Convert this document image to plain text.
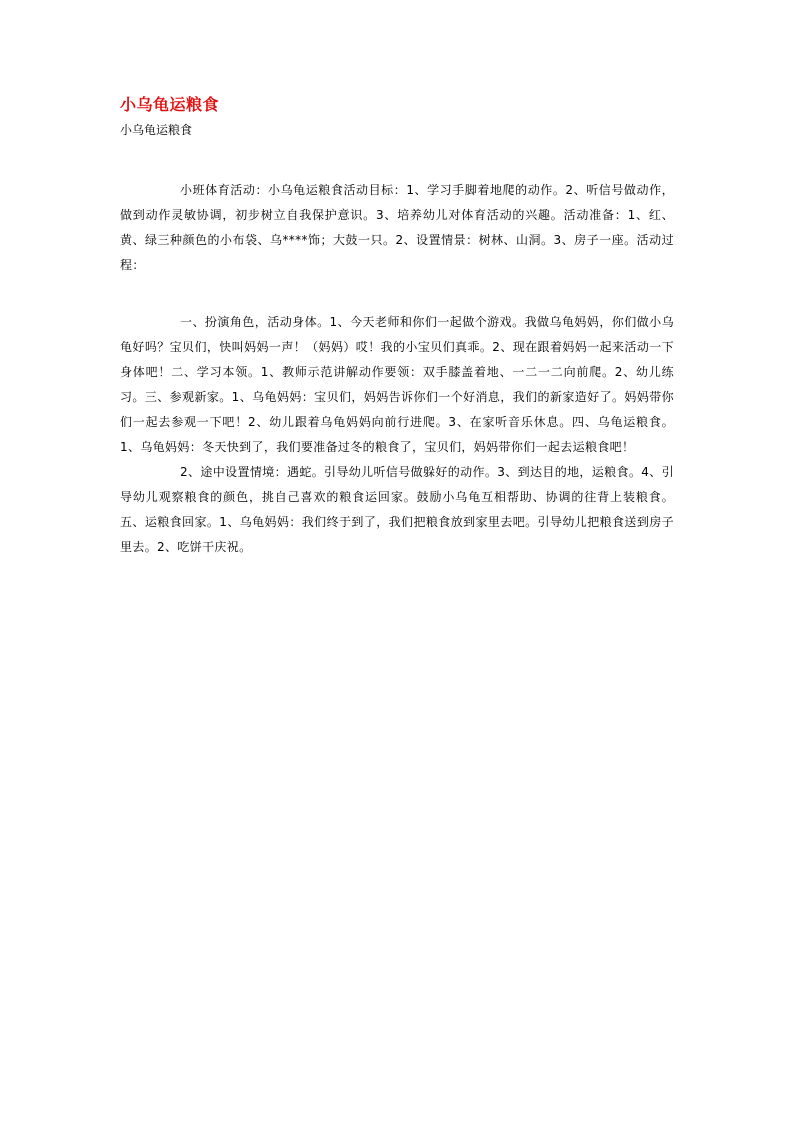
小乌龟运粮食
小乌龟运粮食

小班体育活动：小乌龟运粮食活动目标：1、学习手脚着地爬的动作。2、听信号做动作，做到动作灵敏协调，初步树立自我保护意识。3、培养幼儿对体育活动的兴趣。活动准备：1、红、黄、绿三种颜色的小布袋、乌****饰；大鼓一只。2、设置情景：树林、山洞。3、房子一座。活动过程：

一、扮演角色，活动身体。1、今天老师和你们一起做个游戏。我做乌龟妈妈，你们做小乌龟好吗？宝贝们，快叫妈妈一声！（妈妈）哎！我的小宝贝们真乖。2、现在跟着妈妈一起来活动一下身体吧！二、学习本领。1、教师示范讲解动作要领：双手膝盖着地、一二一二向前爬。2、幼儿练习。三、参观新家。1、乌龟妈妈：宝贝们，妈妈告诉你们一个好消息，我们的新家造好了。妈妈带你们一起去参观一下吧！2、幼儿跟着乌龟妈妈向前行进爬。3、在家听音乐休息。四、乌龟运粮食。1、乌龟妈妈：冬天快到了，我们要准备过冬的粮食了，宝贝们，妈妈带你们一起去运粮食吧！

2、途中设置情境：遇蛇。引导幼儿听信号做躲好的动作。3、到达目的地，运粮食。4、引导幼儿观察粮食的颜色，挑自己喜欢的粮食运回家。鼓励小乌龟互相帮助、协调的往背上装粮食。五、运粮食回家。1、乌龟妈妈：我们终于到了，我们把粮食放到家里去吧。引导幼儿把粮食送到房子里去。2、吃饼干庆祝。
